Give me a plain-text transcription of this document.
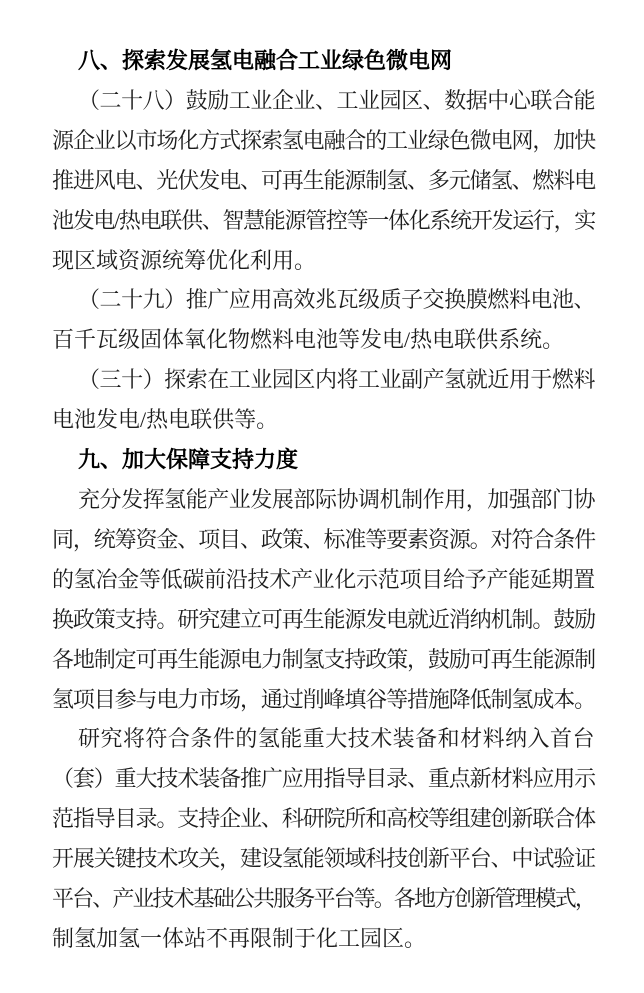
八、探索发展氢电融合工业绿色微电网
（二十八）鼓励工业企业、工业园区、数据中心联合能
源企业以市场化方式探索氢电融合的工业绿色微电网，加快
推进风电、光伏发电、可再生能源制氢、多元储氢、燃料电
池发电/热电联供、智慧能源管控等一体化系统开发运行，实
现区域资源统筹优化利用。
（二十九）推广应用高效兆瓦级质子交换膜燃料电池、
百千瓦级固体氧化物燃料电池等发电/热电联供系统。
（三十）探索在工业园区内将工业副产氢就近用于燃料
电池发电/热电联供等。
九、加大保障支持力度
充分发挥氢能产业发展部际协调机制作用，加强部门协
同，统筹资金、项目、政策、标准等要素资源。对符合条件
的氢冶金等低碳前沿技术产业化示范项目给予产能延期置
换政策支持。研究建立可再生能源发电就近消纳机制。鼓励
各地制定可再生能源电力制氢支持政策，鼓励可再生能源制
氢项目参与电力市场，通过削峰填谷等措施降低制氢成本。
研究将符合条件的氢能重大技术装备和材料纳入首台
（套）重大技术装备推广应用指导目录、重点新材料应用示
范指导目录。支持企业、科研院所和高校等组建创新联合体
开展关键技术攻关，建设氢能领域科技创新平台、中试验证
平台、产业技术基础公共服务平台等。各地方创新管理模式，
制氢加氢一体站不再限制于化工园区。
